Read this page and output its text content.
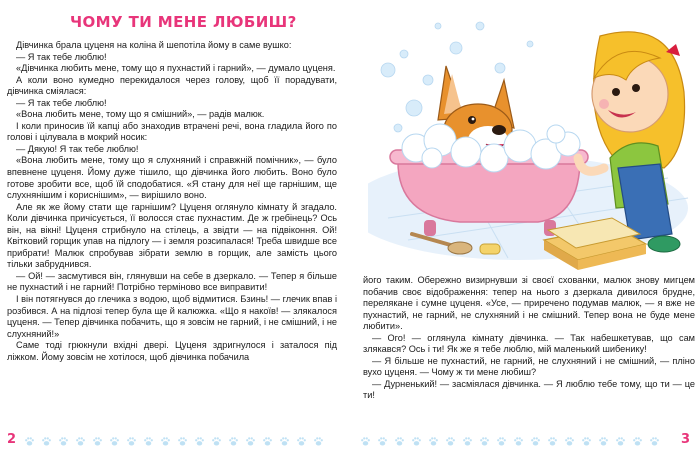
ЧОМУ ТИ МЕНЕ ЛЮБИШ?

Дівчинка брала цуценя на коліна й шепотіла йому в саме вушко:

— Я так тебе люблю!

«Дівчинка любить мене, тому що я пухнастий і гарний», — думало цуценя.

А коли воно кумедно перекидалося через голову, щоб її порадувати, дівчинка сміялася:

— Я так тебе люблю!

«Вона любить мене, тому що я смішний», — радів малюк.

І коли приносив їй капці або знаходив втрачені речі, вона гладила його по голові і цілувала в мокрий носик:

— Дякую! Я так тебе люблю!

«Вона любить мене, тому що я слухняний і справжній помічник», — було впевнене цуценя. Йому дуже тішило, що дівчинка його любить. Воно було готове зробити все, щоб їй сподобатися. «Я стану для неї ще гарнішим, ще слухнянішим і кориснішим», — вирішило воно.

Але як же йому стати ще гарнішим? Цуценя оглянуло кімнату й згадало. Коли дівчинка причісується, її волосся стає пухнастим. Де ж гребінець? Ось він, на вікні! Цуценя стрибнуло на стілець, а звідти — на підвіконня. Ой! Квітковий горщик упав на підлогу — і земля розсипалася! Треба швидше все прибрати! Малюк спробував зібрати землю в горщик, але замість цього тільки забруднився.

— Ой! — засмутився він, глянувши на себе в дзеркало. — Тепер я більше не пухнастий і не гарний! Потрібно терміново все виправити!

І він потягнувся до глечика з водою, щоб відмитися. Бзинь! — глечик впав і розбився. А на підлозі тепер була ще й калюжка. «Що я накоїв! — злякалося цуценя. — Тепер дівчинка побачить, що я зовсім не гарний, і не смішний, і не слухняний!»

Саме тоді грюкнули вхідні двері. Цуценя здригнулося і заталося під ліжком. Йому зовсім не хотілося, щоб дівчинка побачила

його таким. Обережно визирнувши зі своєї схованки, малюк знову мигцем побачив своє відображення: тепер на нього з дзеркала дивилося брудне, перелякане і сумне цуценя. «Усе, — приречено подумав малюк, — я вже не пухнастий, не гарний, не слухняний і не смішний. Тепер вона не буде мене любити».

— Ого! — оглянула кімнату дівчинка. — Так набешкетував, що сам злякався? Ось і ти! Як же я тебе люблю, мій маленький шибенику!

— Я більше не пухнастий, не гарний, не слухняний і не смішний, — пліно вухо цуценя. — Чому ж ти мене любиш?

— Дурненький! — засміялася дівчинка. — Я люблю тебе тому, що ти — це ти!

2	3
